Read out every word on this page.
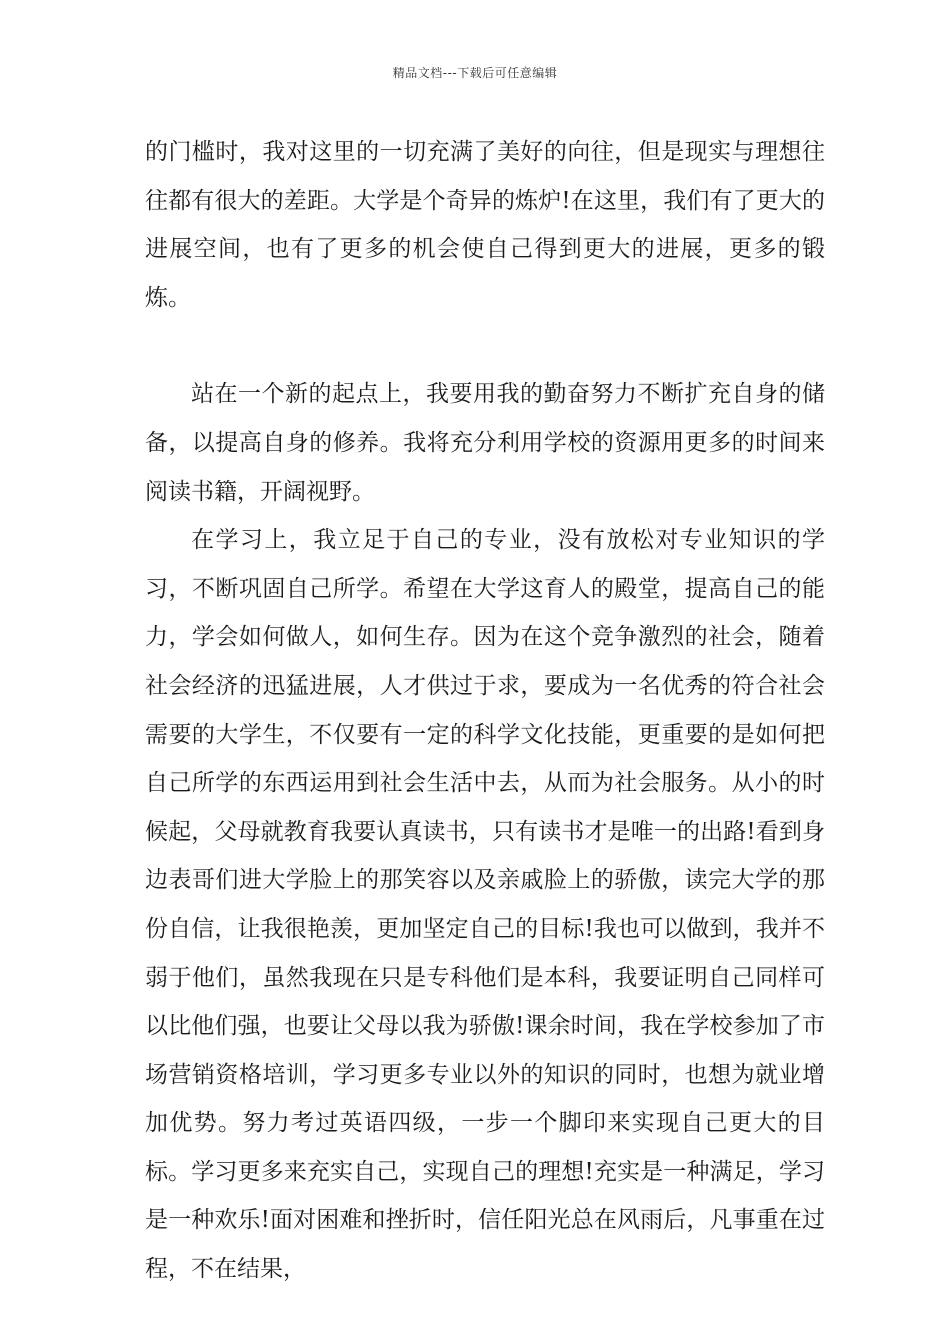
精品文档---下载后可任意编辑

的门槛时，我对这里的一切充满了美好的向往，但是现实与理想往往都有很大的差距。大学是个奇异的炼炉!在这里，我们有了更大的进展空间，也有了更多的机会使自己得到更大的进展，更多的锻炼。

站在一个新的起点上，我要用我的勤奋努力不断扩充自身的储备，以提高自身的修养。我将充分利用学校的资源用更多的时间来阅读书籍，开阔视野。

在学习上，我立足于自己的专业，没有放松对专业知识的学习，不断巩固自己所学。希望在大学这育人的殿堂，提高自己的能力，学会如何做人，如何生存。因为在这个竞争激烈的社会，随着社会经济的迅猛进展，人才供过于求，要成为一名优秀的符合社会需要的大学生，不仅要有一定的科学文化技能，更重要的是如何把自己所学的东西运用到社会生活中去，从而为社会服务。从小的时候起，父母就教育我要认真读书，只有读书才是唯一的出路!看到身边表哥们进大学脸上的那笑容以及亲戚脸上的骄傲，读完大学的那份自信，让我很艳羡，更加坚定自己的目标!我也可以做到，我并不弱于他们，虽然我现在只是专科他们是本科，我要证明自己同样可以比他们强，也要让父母以我为骄傲!课余时间，我在学校参加了市场营销资格培训，学习更多专业以外的知识的同时，也想为就业增加优势。努力考过英语四级，一步一个脚印来实现自己更大的目标。学习更多来充实自己，实现自己的理想!充实是一种满足，学习是一种欢乐!面对困难和挫折时，信任阳光总在风雨后，凡事重在过程，不在结果，
